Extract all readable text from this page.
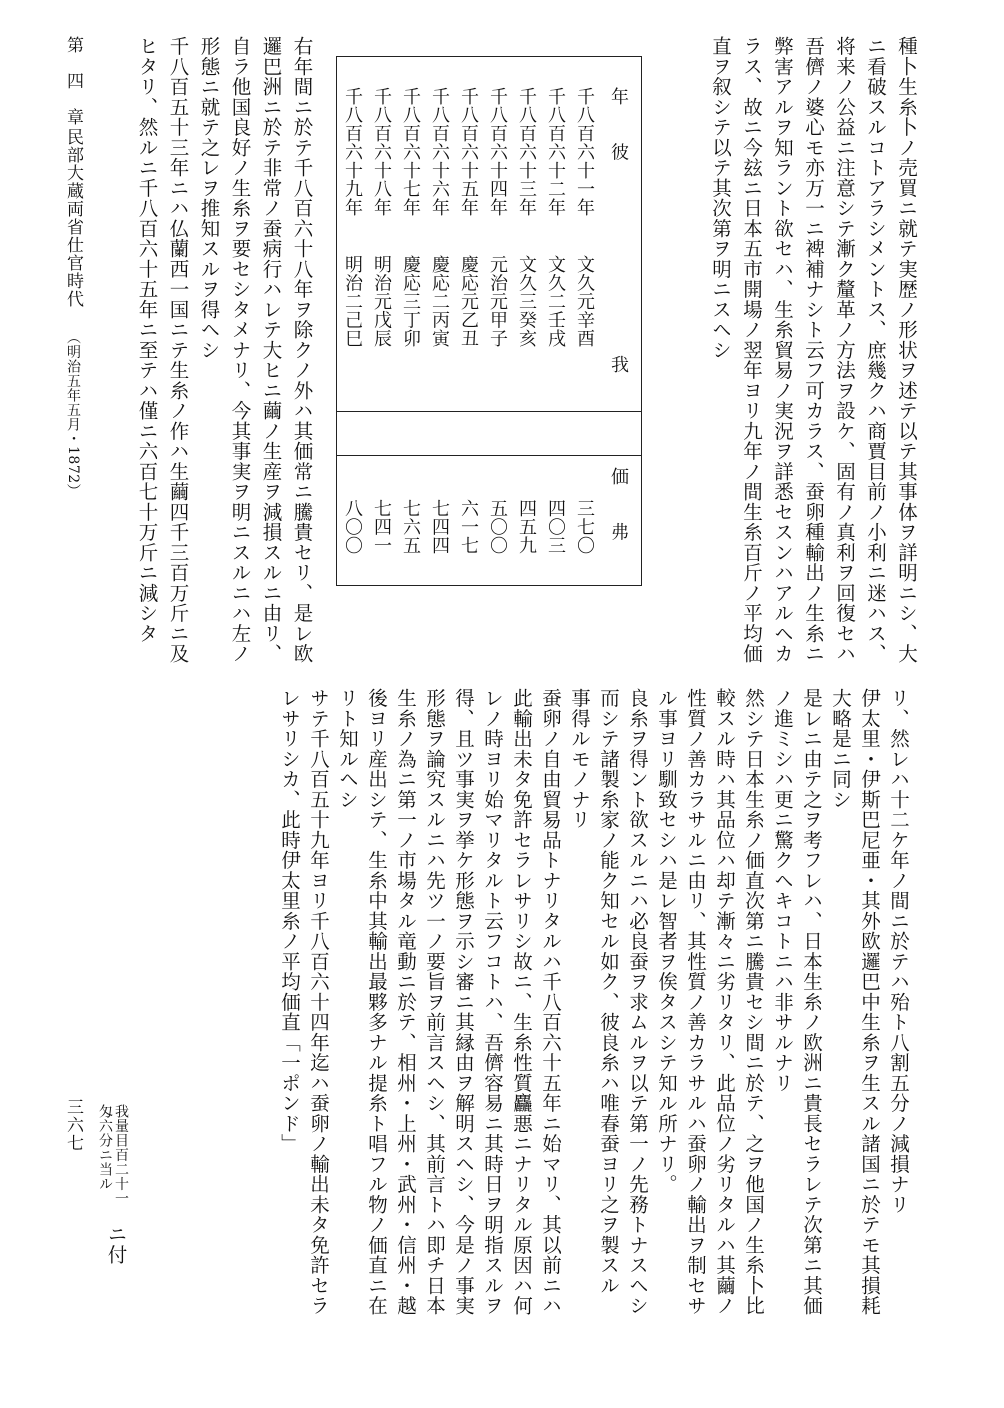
種卜生糸卜ノ売買ニ就テ実歴ノ形状ヲ述テ以テ其事体ヲ詳明ニシ、大
ニ看破スルコトアラシメントス、庶幾クハ商賈目前ノ小利ニ迷ハス、
将来ノ公益ニ注意シテ漸ク釐革ノ方法ヲ設ケ、固有ノ真利ヲ回復セハ
吾儕ノ婆心モ亦万一ニ裨補ナシト云フ可カラス、蚕卵種輸出ノ生糸ニ
弊害アルヲ知ラント欲セハ、生糸貿易ノ実況ヲ詳悉セスンハアルヘカ
ラス、故ニ今玆ニ日本五市開場ノ翌年ヨリ九年ノ間生糸百斤ノ平均価
直ヲ叙シテ以テ其次第ヲ明ニスヘシ
年　　彼
我
価　　弗
千八百六十一年
千八百六十二年
千八百六十三年
千八百六十四年
千八百六十五年
千八百六十六年
千八百六十七年
千八百六十八年
千八百六十九年
文久元辛酉
文久二壬戌
文久三癸亥
元治元甲子
慶応元乙丑
慶応二丙寅
慶応三丁卯
明治元戊辰
明治二己巳
三七〇
四〇三
四五九
五〇〇
六一七
七四四
七六五
七四一
八〇〇
右年間ニ於テ千八百六十八年ヲ除クノ外ハ其価常ニ騰貴セリ、是レ欧
邏巴洲ニ於テ非常ノ蚕病行ハレテ大ヒニ繭ノ生産ヲ減損スルニ由リ、
自ラ他国良好ノ生糸ヲ要セシタメナリ、今其事実ヲ明ニスルニハ左ノ
形態ニ就テ之レヲ推知スルヲ得ヘシ
千八百五十三年ニハ仏蘭西一国ニテ生糸ノ作ハ生繭四千三百万斤ニ及
ヒタリ、然ルニ千八百六十五年ニ至テハ僅ニ六百七十万斤ニ減シタ
第　四　章
民部大蔵両省仕官時代
（明治五年五月・1872）
リ、然レハ十二ケ年ノ間ニ於テハ殆ト八割五分ノ減損ナリ
伊太里・伊斯巴尼亜・其外欧邏巴中生糸ヲ生スル諸国ニ於テモ其損耗
大略是ニ同シ
是レニ由テ之ヲ考フレハ、日本生糸ノ欧洲ニ貴長セラレテ次第ニ其価
ノ進ミシハ更ニ驚クヘキコトニハ非サルナリ
然シテ日本生糸ノ価直次第ニ騰貴セシ間ニ於テ、之ヲ他国ノ生糸卜比
較スル時ハ其品位ハ却テ漸々ニ劣リタリ、此品位ノ劣リタルハ其繭ノ
性質ノ善カラサルニ由リ、其性質ノ善カラサルハ蚕卵ノ輸出ヲ制セサ
ル事ヨリ馴致セシハ是レ智者ヲ俟タスシテ知ル所ナリ。
良糸ヲ得ント欲スルニハ必良蚕ヲ求ムルヲ以テ第一ノ先務トナスヘシ
而シテ諸製糸家ノ能ク知セル如ク、彼良糸ハ唯春蚕ヨリ之ヲ製スル
事得ルモノナリ
蚕卵ノ自由貿易品トナリタルハ千八百六十五年ニ始マリ、其以前ニハ
此輸出未タ免許セラレサリシ故ニ、生糸性質麤悪ニナリタル原因ハ何
レノ時ヨリ始マリタルト云フコトハ、吾儕容易ニ其時日ヲ明指スルヲ
得、且ツ事実ヲ挙ケ形態ヲ示シ審ニ其縁由ヲ解明スヘシ、今是ノ事実
形態ヲ論究スルニハ先ツ一ノ要旨ヲ前言スヘシ、其前言トハ即チ日本
生糸ノ為ニ第一ノ市場タル竜動ニ於テ、相州・上州・武州・信州・越
後ヨリ産出シテ、生糸中其輸出最夥多ナル提糸ト唱フル物ノ価直ニ在
リト知ルヘシ
サテ千八百五十九年ヨリ千八百六十四年迄ハ蚕卵ノ輸出未タ免許セラ
レサリシカ、此時伊太里糸ノ平均価直「一ポンド」
我量目百二十一
匁六分ニ当ル
ニ付
三六七
